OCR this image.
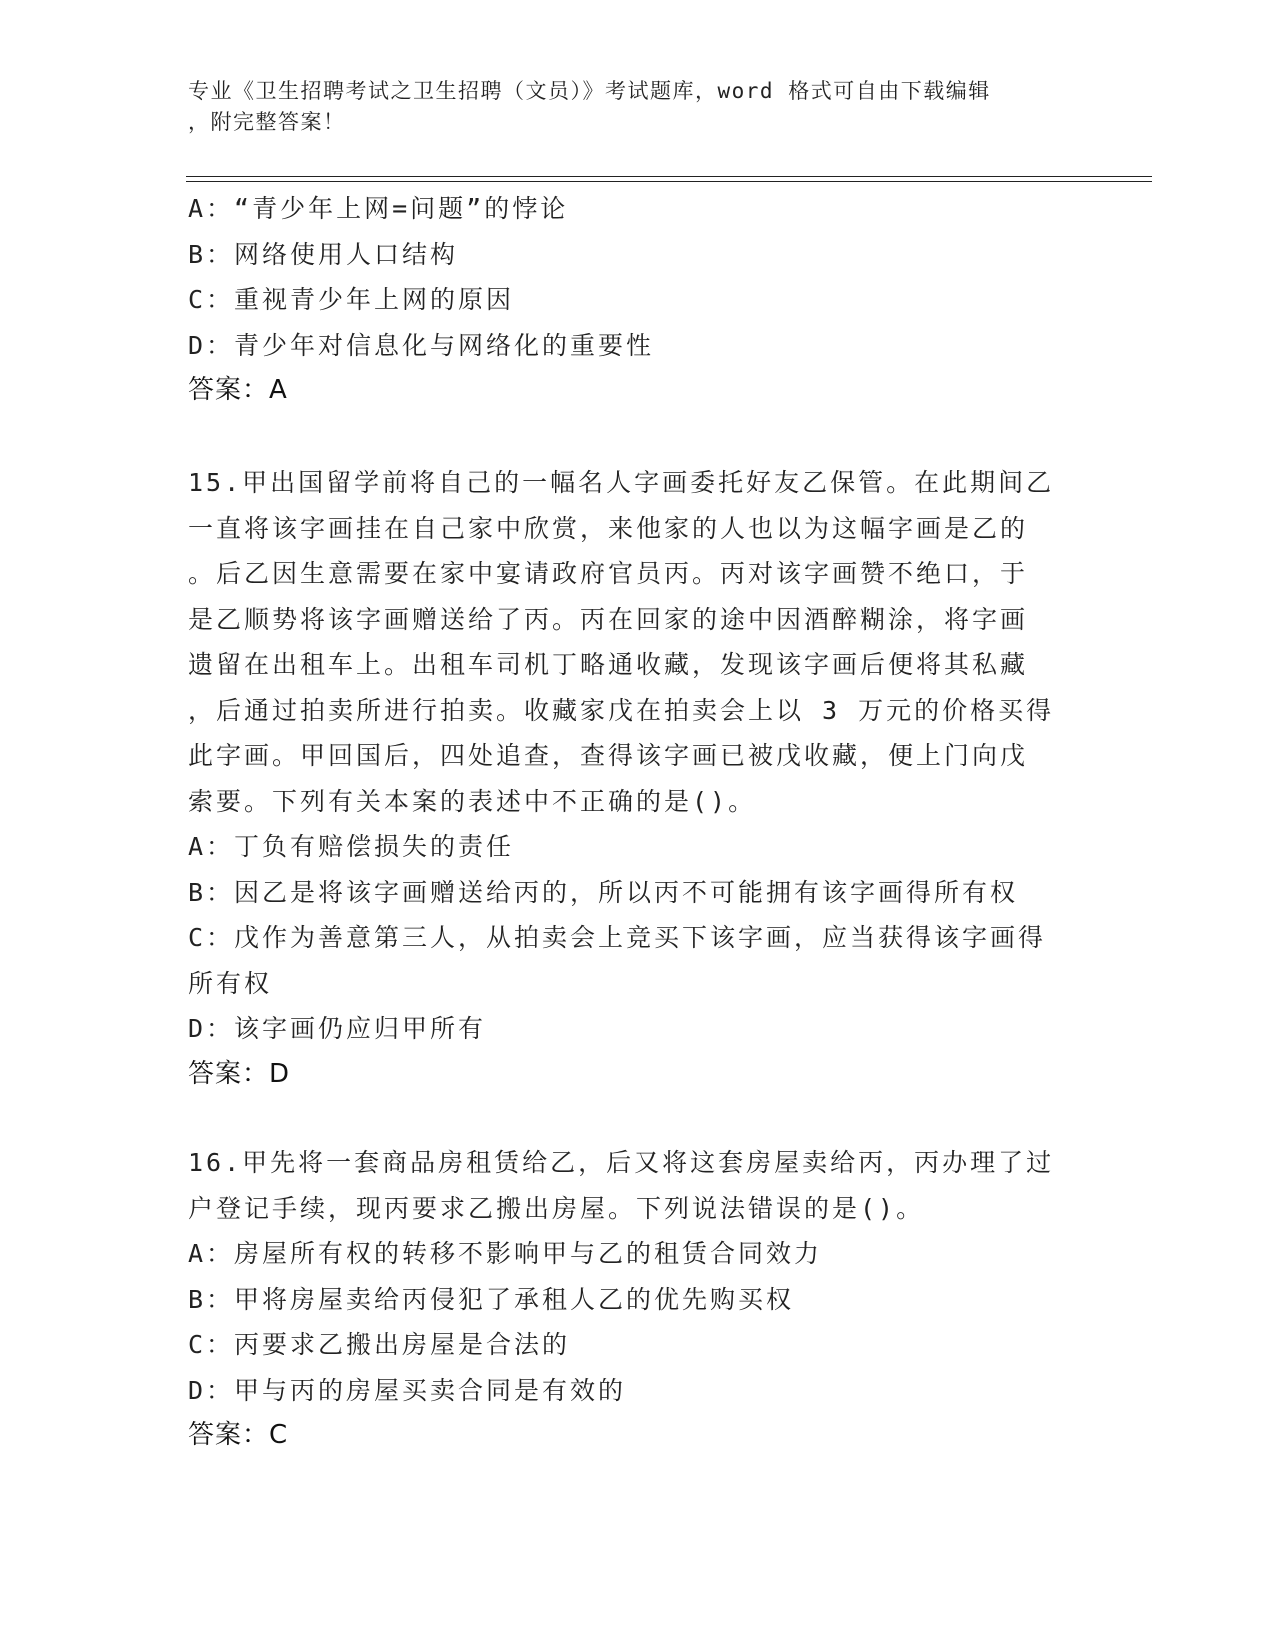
专业《卫生招聘考试之卫生招聘（文员）》考试题库，word 格式可自由下载编辑
，附完整答案！
A：“青少年上网=问题”的悖论
B：网络使用人口结构
C：重视青少年上网的原因
D：青少年对信息化与网络化的重要性
答案：A
15.甲出国留学前将自己的一幅名人字画委托好友乙保管。在此期间乙
一直将该字画挂在自己家中欣赏，来他家的人也以为这幅字画是乙的
。后乙因生意需要在家中宴请政府官员丙。丙对该字画赞不绝口，于
是乙顺势将该字画赠送给了丙。丙在回家的途中因酒醉糊涂，将字画
遗留在出租车上。出租车司机丁略通收藏，发现该字画后便将其私藏
，后通过拍卖所进行拍卖。收藏家戊在拍卖会上以 3 万元的价格买得
此字画。甲回国后，四处追查，查得该字画已被戊收藏，便上门向戊
索要。下列有关本案的表述中不正确的是()。
A：丁负有赔偿损失的责任
B：因乙是将该字画赠送给丙的，所以丙不可能拥有该字画得所有权
C：戊作为善意第三人，从拍卖会上竞买下该字画，应当获得该字画得
所有权
D：该字画仍应归甲所有
答案：D
16.甲先将一套商品房租赁给乙，后又将这套房屋卖给丙，丙办理了过
户登记手续，现丙要求乙搬出房屋。下列说法错误的是()。
A：房屋所有权的转移不影响甲与乙的租赁合同效力
B：甲将房屋卖给丙侵犯了承租人乙的优先购买权
C：丙要求乙搬出房屋是合法的
D：甲与丙的房屋买卖合同是有效的
答案：C
